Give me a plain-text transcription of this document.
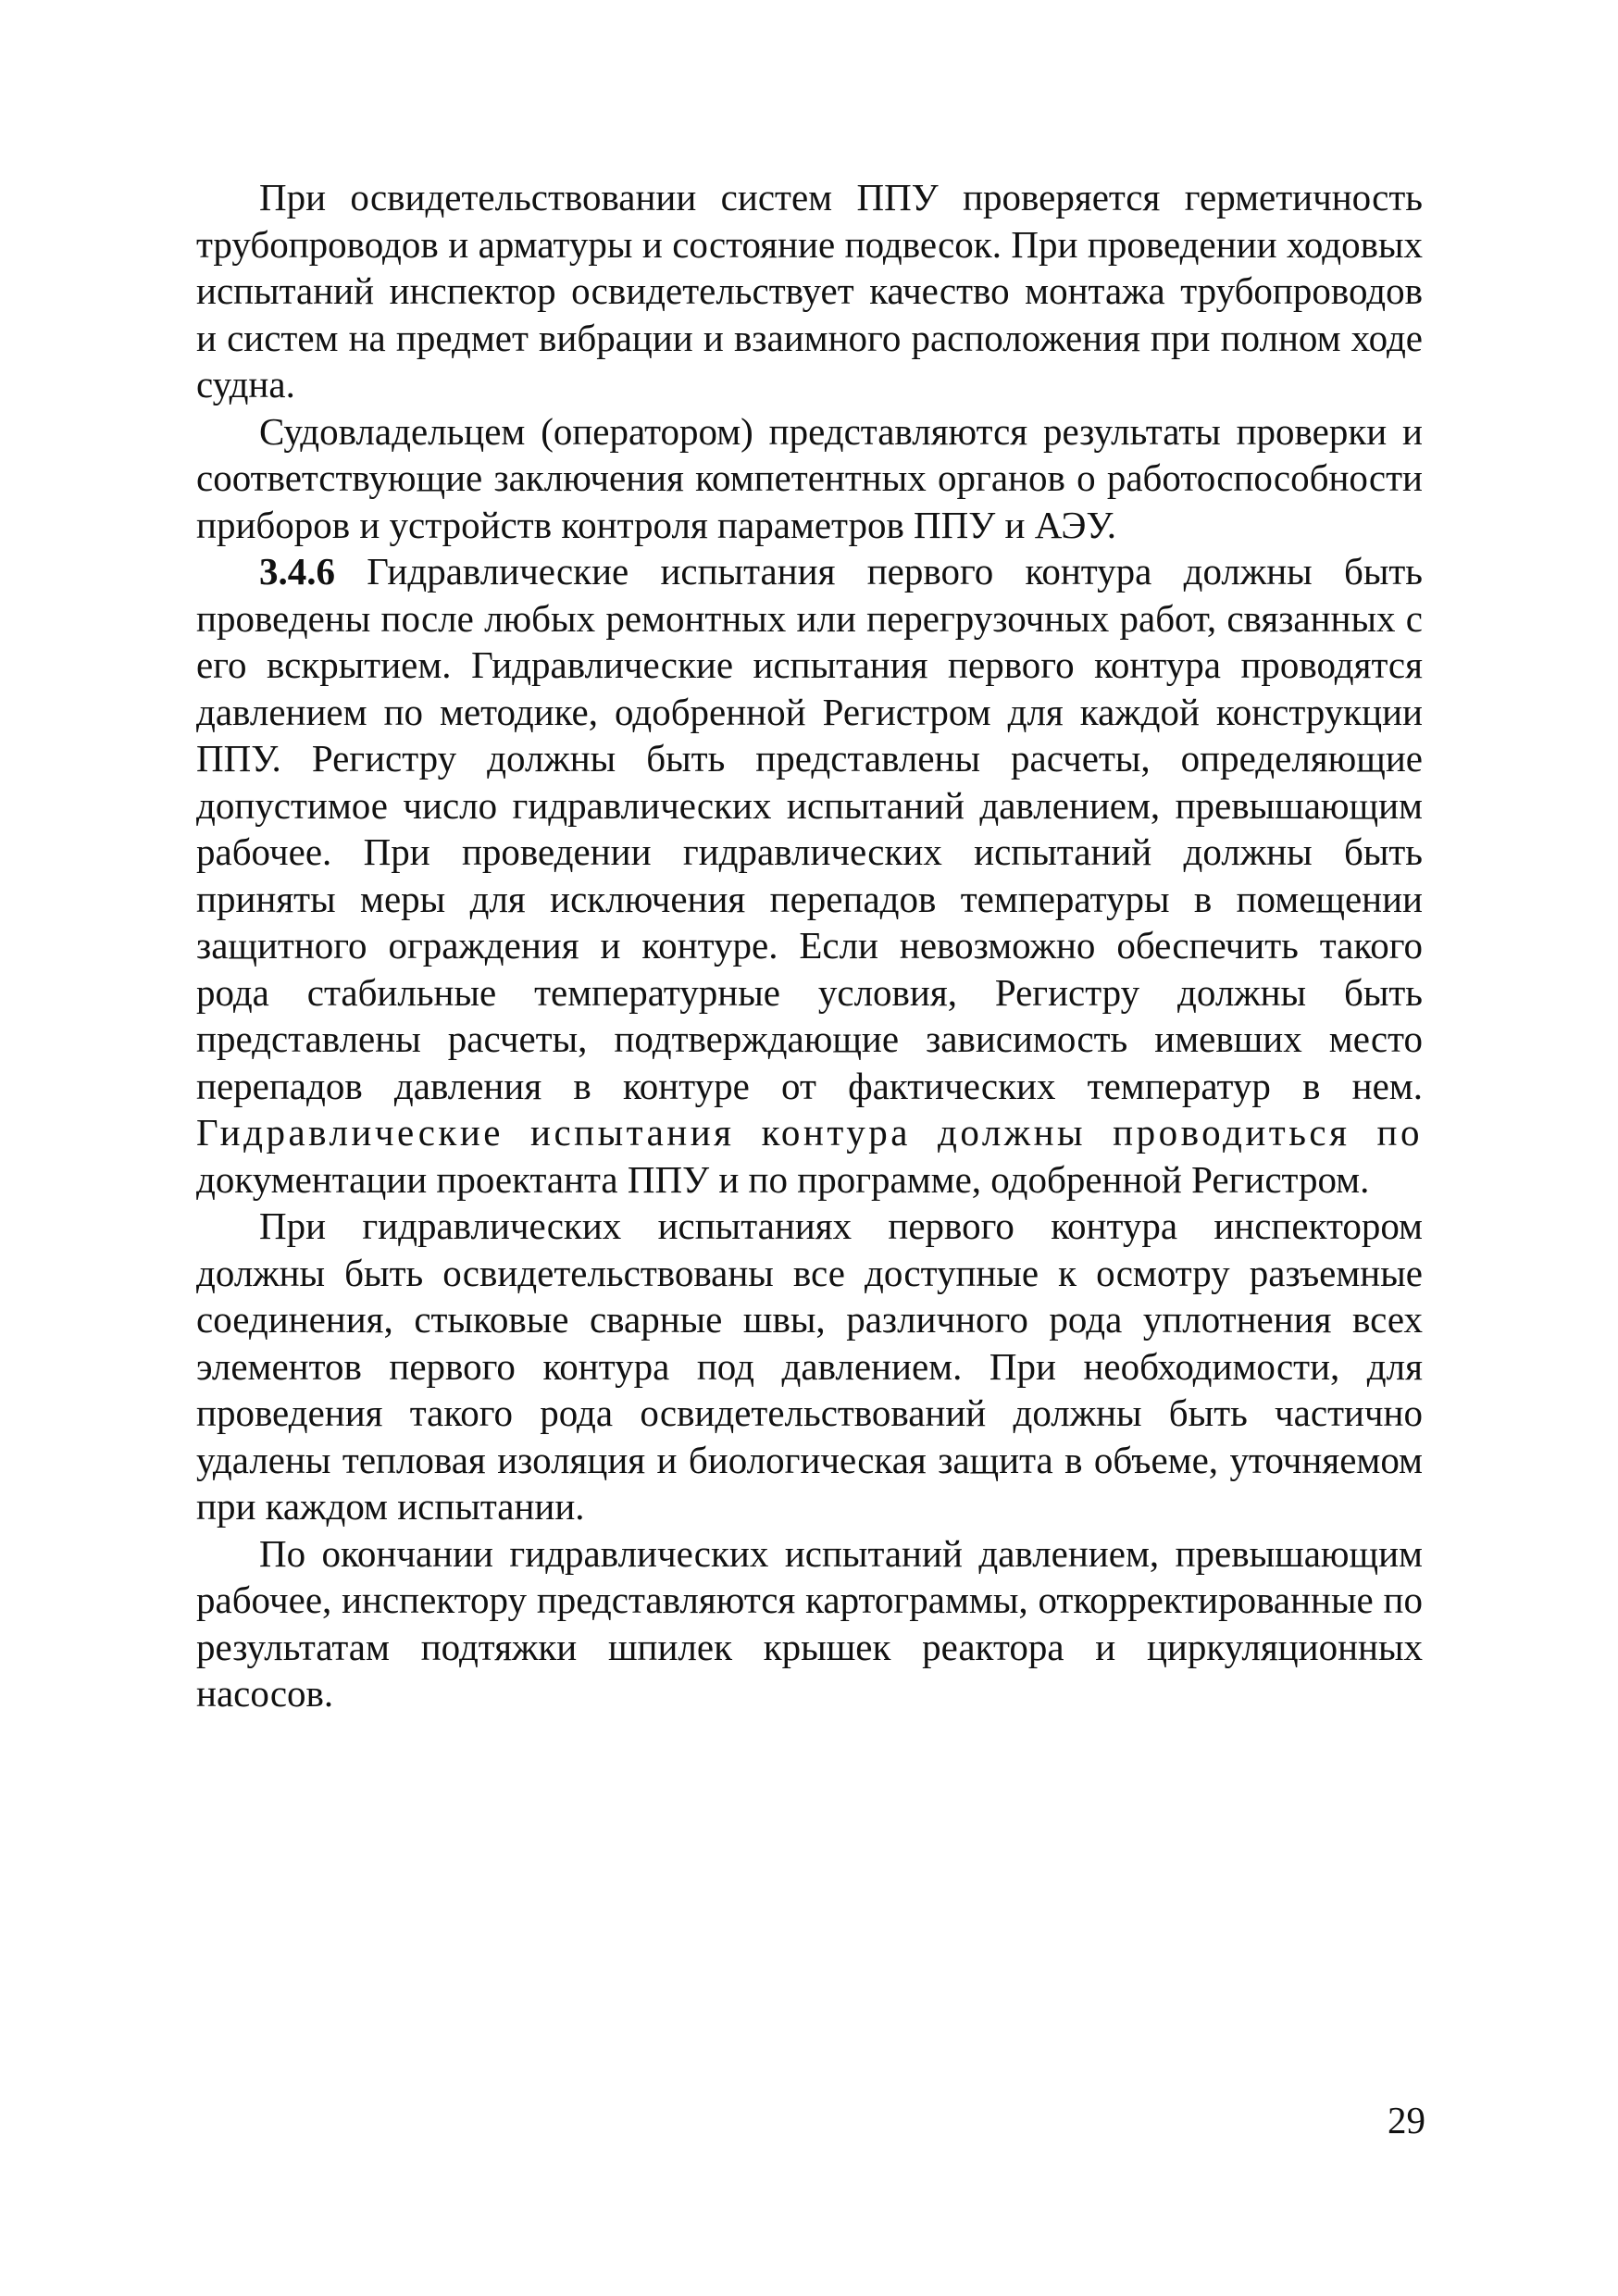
При освидетельствовании систем ППУ проверяется герметичность трубопроводов и арматуры и состояние подвесок. При проведении ходовых испытаний инспектор освидетельствует качество монтажа трубопроводов и систем на предмет вибрации и взаимного расположения при полном ходе судна.

Судовладельцем (оператором) представляются результаты проверки и соответствующие заключения компетентных органов о работоспособности приборов и устройств контроля параметров ППУ и АЭУ.

3.4.6 Гидравлические испытания первого контура должны быть проведены после любых ремонтных или перегрузочных работ, связанных с его вскрытием. Гидравлические испытания первого контура проводятся давлением по методике, одобренной Регистром для каждой конструкции ППУ. Регистру должны быть представлены расчеты, определяющие допустимое число гидравлических испытаний давлением, превышающим рабочее. При проведении гидравлических испытаний должны быть приняты меры для исключения перепадов температуры в помещении защитного ограждения и контуре. Если невозможно обеспечить такого рода стабильные температурные условия, Регистру должны быть представлены расчеты, подтверждающие зависимость имевших место перепадов давления в контуре от фактических температур в нем. Гидравлические испытания контура должны проводиться по документации проектанта ППУ и по программе, одобренной Регистром.

При гидравлических испытаниях первого контура инспектором должны быть освидетельствованы все доступные к осмотру разъемные соединения, стыковые сварные швы, различного рода уплотнения всех элементов первого контура под давлением. При необходимости, для проведения такого рода освидетельствований должны быть частично удалены тепловая изоляция и биологическая защита в объеме, уточняемом при каждом испытании.

По окончании гидравлических испытаний давлением, превышающим рабочее, инспектору представляются картограммы, откорректированные по результатам подтяжки шпилек крышек реактора и циркуляционных насосов.

29
